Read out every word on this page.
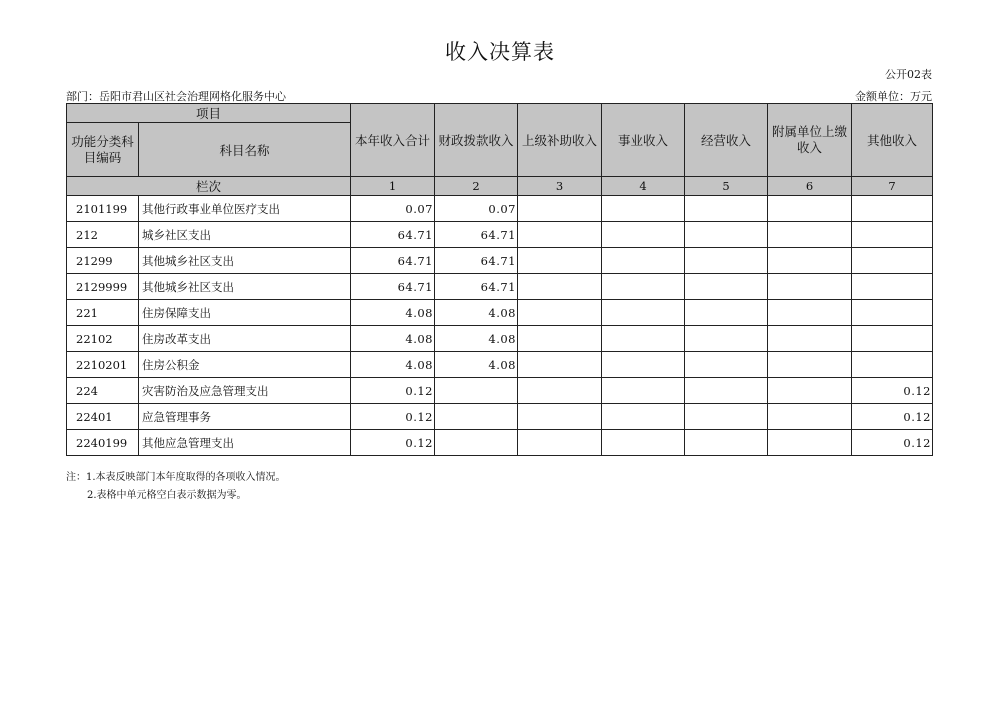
收入决算表
公开02表
部门：岳阳市君山区社会治理网格化服务中心	金额单位：万元
项目		本年收入合计	财政拨款收入	上级补助收入	事业收入	经营收入	附属单位上缴收入	其他收入
功能分类科目编码	科目名称							
栏次		1	2	3	4	5	6	7
2101199	其他行政事业单位医疗支出	0.07	0.07					
212	城乡社区支出	64.71	64.71					
21299	其他城乡社区支出	64.71	64.71					
2129999	其他城乡社区支出	64.71	64.71					
221	住房保障支出	4.08	4.08					
22102	住房改革支出	4.08	4.08					
2210201	住房公积金	4.08	4.08					
224	灾害防治及应急管理支出	0.12						0.12
22401	应急管理事务	0.12						0.12
2240199	其他应急管理支出	0.12						0.12
注：1.本表反映部门本年度取得的各项收入情况。
2.表格中单元格空白表示数据为零。
